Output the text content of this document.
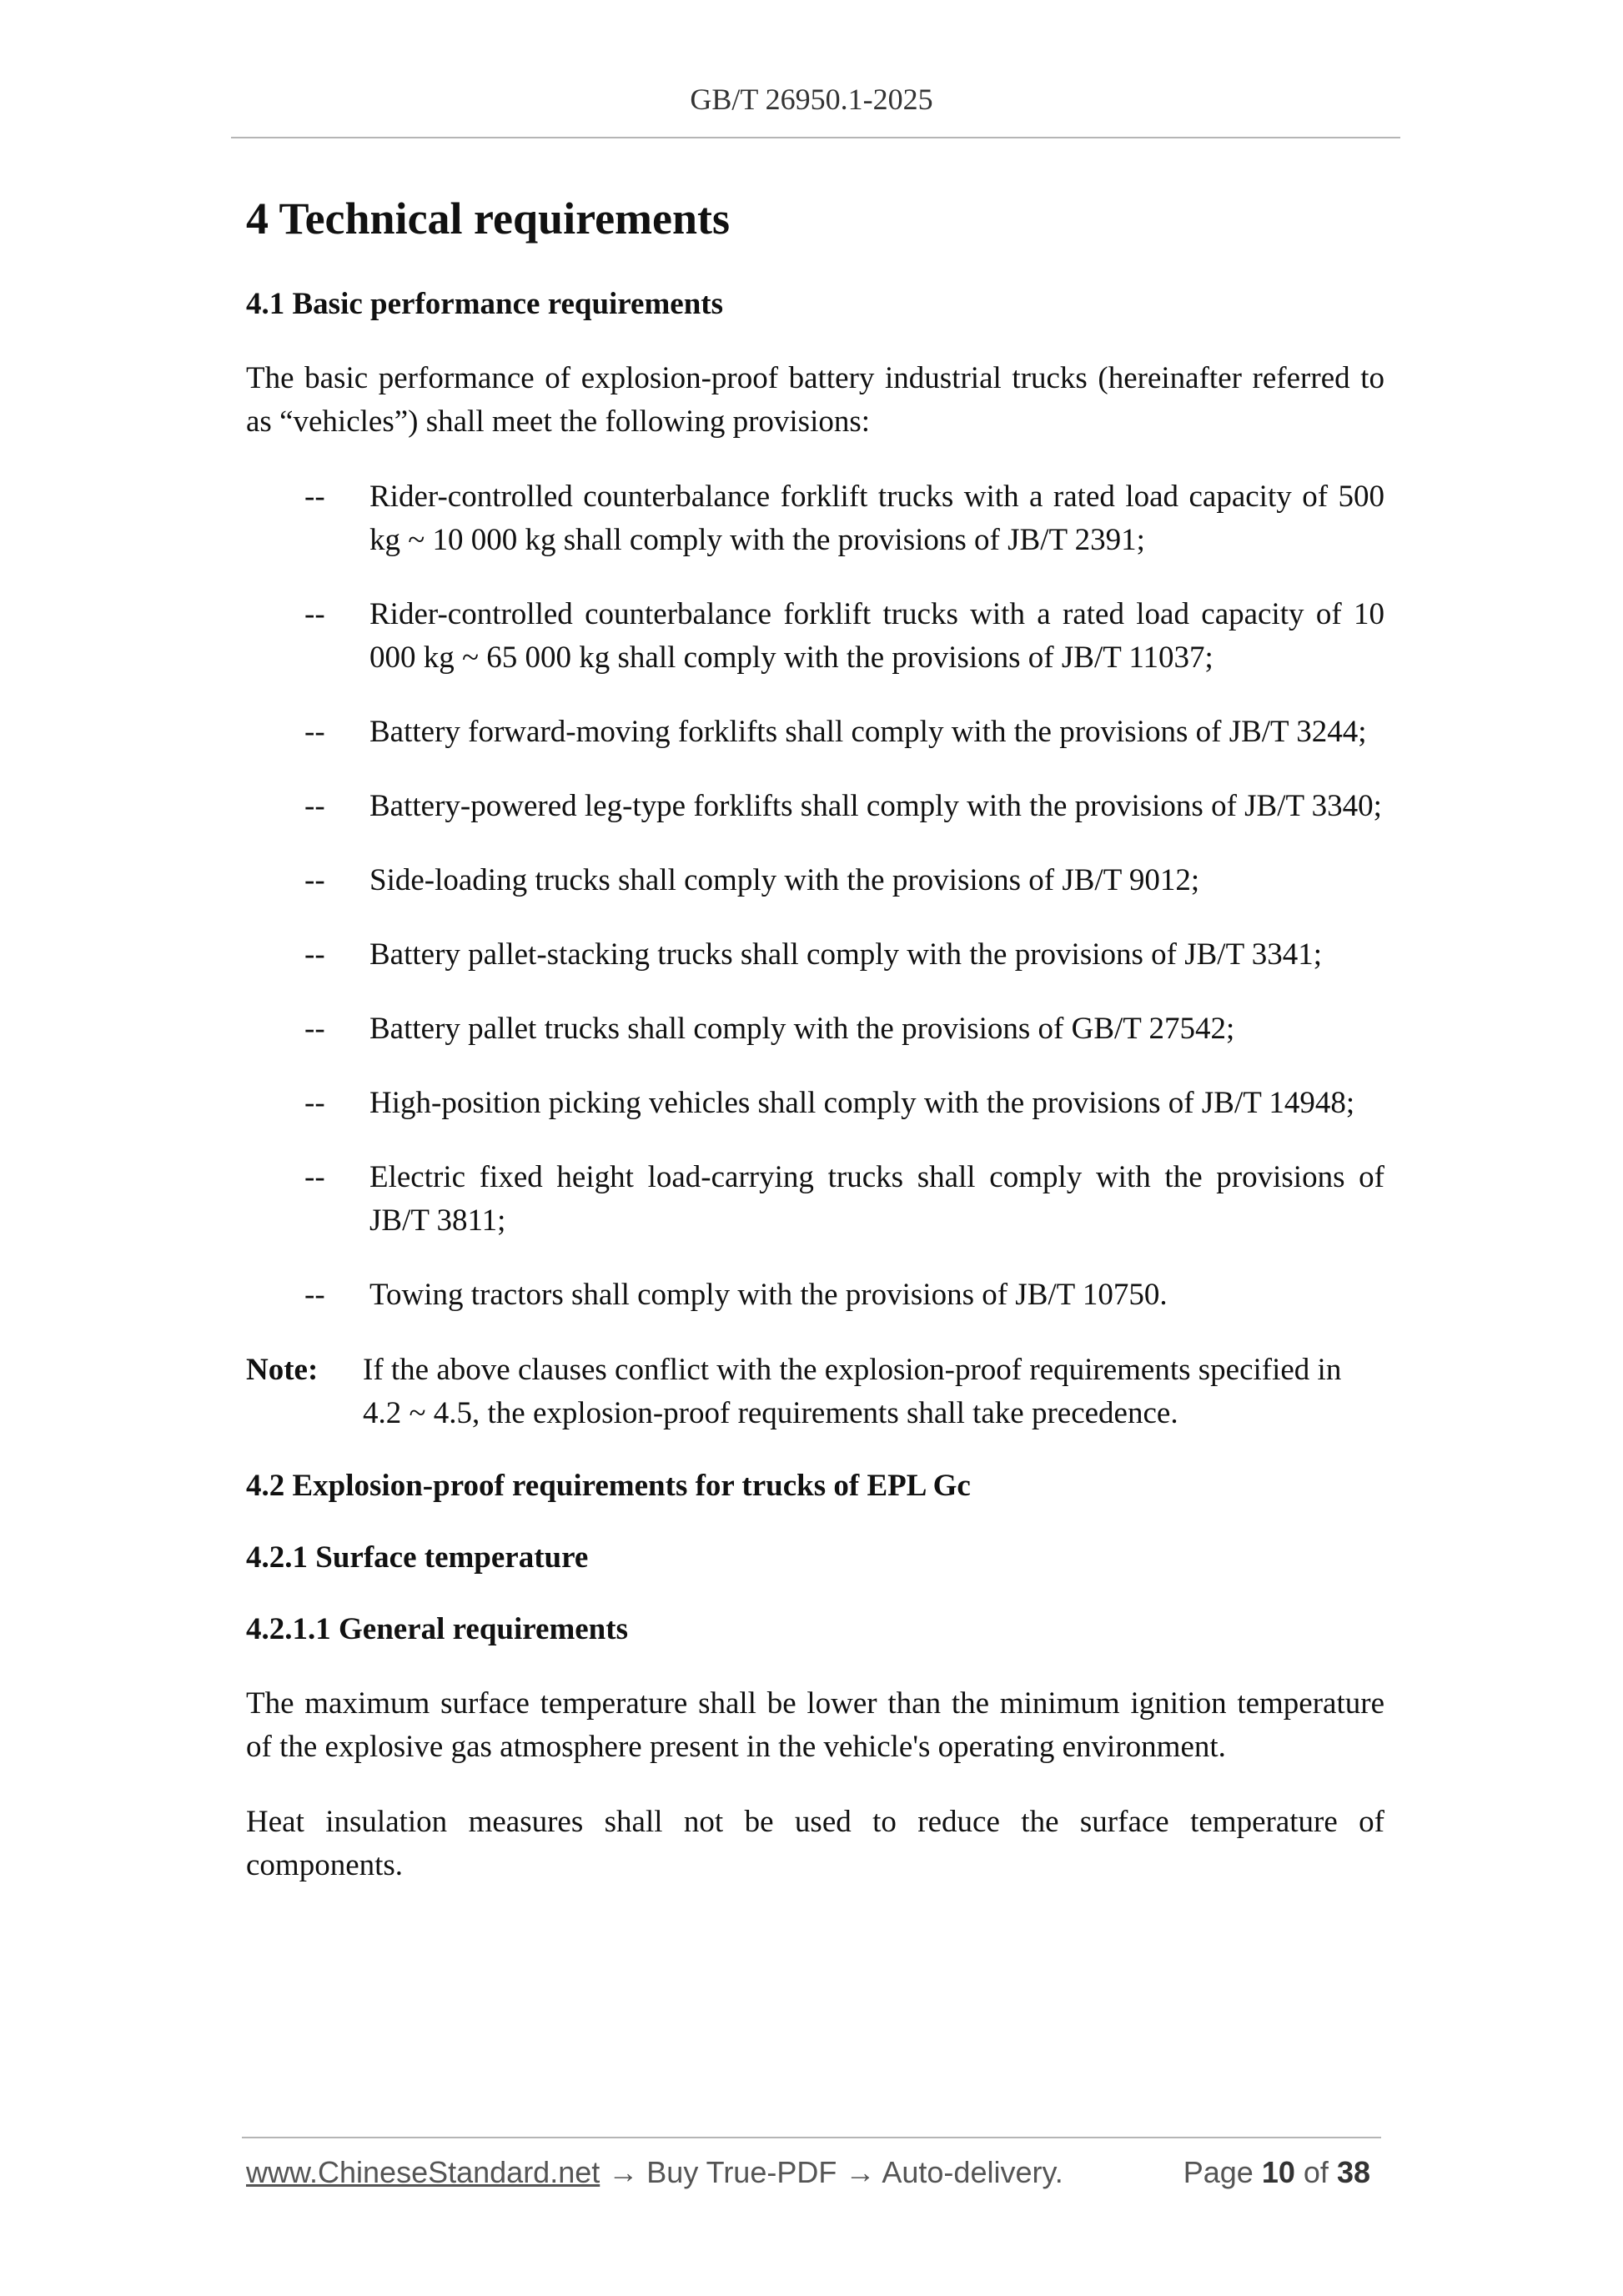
GB/T 26950.1-2025
4 Technical requirements
4.1 Basic performance requirements
The basic performance of explosion-proof battery industrial trucks (hereinafter referred to as “vehicles”) shall meet the following provisions:
-- Rider-controlled counterbalance forklift trucks with a rated load capacity of 500 kg ~ 10 000 kg shall comply with the provisions of JB/T 2391;
-- Rider-controlled counterbalance forklift trucks with a rated load capacity of 10 000 kg ~ 65 000 kg shall comply with the provisions of JB/T 11037;
-- Battery forward-moving forklifts shall comply with the provisions of JB/T 3244;
-- Battery-powered leg-type forklifts shall comply with the provisions of JB/T 3340;
-- Side-loading trucks shall comply with the provisions of JB/T 9012;
-- Battery pallet-stacking trucks shall comply with the provisions of JB/T 3341;
-- Battery pallet trucks shall comply with the provisions of GB/T 27542;
-- High-position picking vehicles shall comply with the provisions of JB/T 14948;
-- Electric fixed height load-carrying trucks shall comply with the provisions of JB/T 3811;
-- Towing tractors shall comply with the provisions of JB/T 10750.
Note: If the above clauses conflict with the explosion-proof requirements specified in 4.2 ~ 4.5, the explosion-proof requirements shall take precedence.
4.2 Explosion-proof requirements for trucks of EPL Gc
4.2.1 Surface temperature
4.2.1.1 General requirements
The maximum surface temperature shall be lower than the minimum ignition temperature of the explosive gas atmosphere present in the vehicle's operating environment.
Heat insulation measures shall not be used to reduce the surface temperature of components.
www.ChineseStandard.net → Buy True-PDF → Auto-delivery.	Page 10 of 38
